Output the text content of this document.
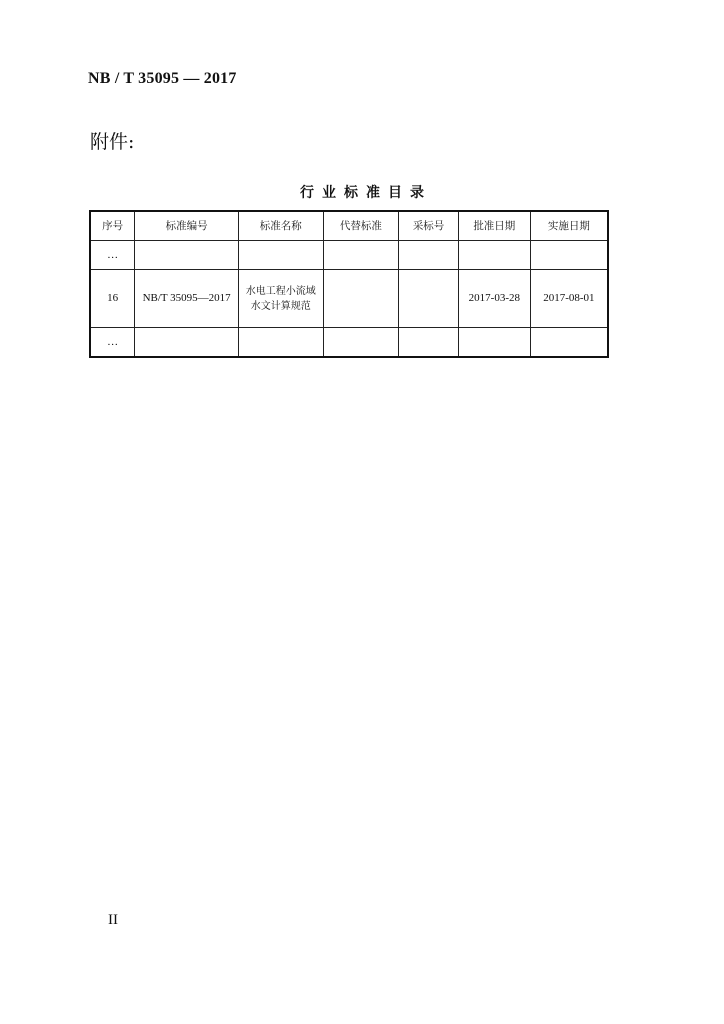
NB / T 35095 — 2017
附件:
行业标准目录
序号	标准编号	标准名称	代替标准	采标号	批准日期	实施日期
…						
16	NB/T 35095—2017	水电工程小流域水文计算规范			2017-03-28	2017-08-01
…						
II
